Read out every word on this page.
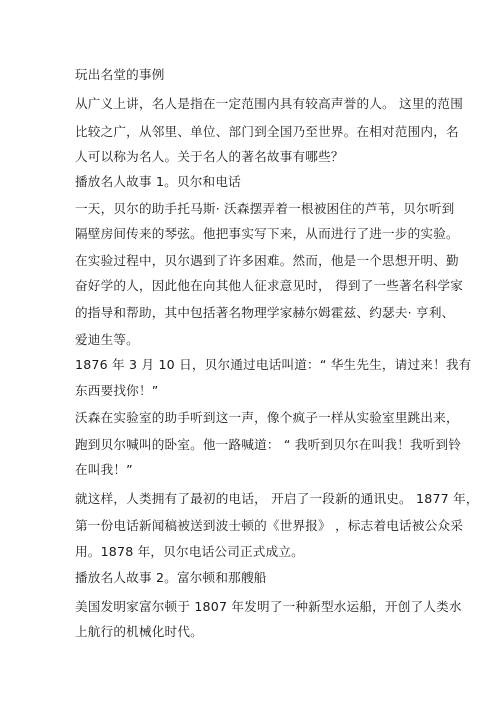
玩出名堂的事例
从广义上讲，名人是指在一定范围内具有较高声誉的人。 这里的范围
比较之广，从邻里、单位、部门到全国乃至世界。在相对范围内，名
人可以称为名人。关于名人的著名故事有哪些？
播放名人故事 1。贝尔和电话
一天，贝尔的助手托马斯· 沃森摆弄着一根被困住的芦苇，贝尔听到
隔壁房间传来的琴弦。他把事实写下来，从而进行了进一步的实验。
在实验过程中，贝尔遇到了许多困难。然而，他是一个思想开明、勤
奋好学的人，因此他在向其他人征求意见时， 得到了一些著名科学家
的指导和帮助，其中包括著名物理学家赫尔姆霍兹、约瑟夫· 亨利、
爱迪生等。
1876 年 3 月 10 日，贝尔通过电话叫道：“ 华生先生，请过来！我有
东西要找你！”
沃森在实验室的助手听到这一声，像个疯子一样从实验室里跳出来，
跑到贝尔喊叫的卧室。他一路喊道： “ 我听到贝尔在叫我！我听到铃
在叫我！”
就这样，人类拥有了最初的电话， 开启了一段新的通讯史。 1877 年，
第一份电话新闻稿被送到波士顿的《世界报》 ，标志着电话被公众采
用。1878 年，贝尔电话公司正式成立。
播放名人故事 2。富尔顿和那艘船
美国发明家富尔顿于 1807 年发明了一种新型水运船，开创了人类水
上航行的机械化时代。
